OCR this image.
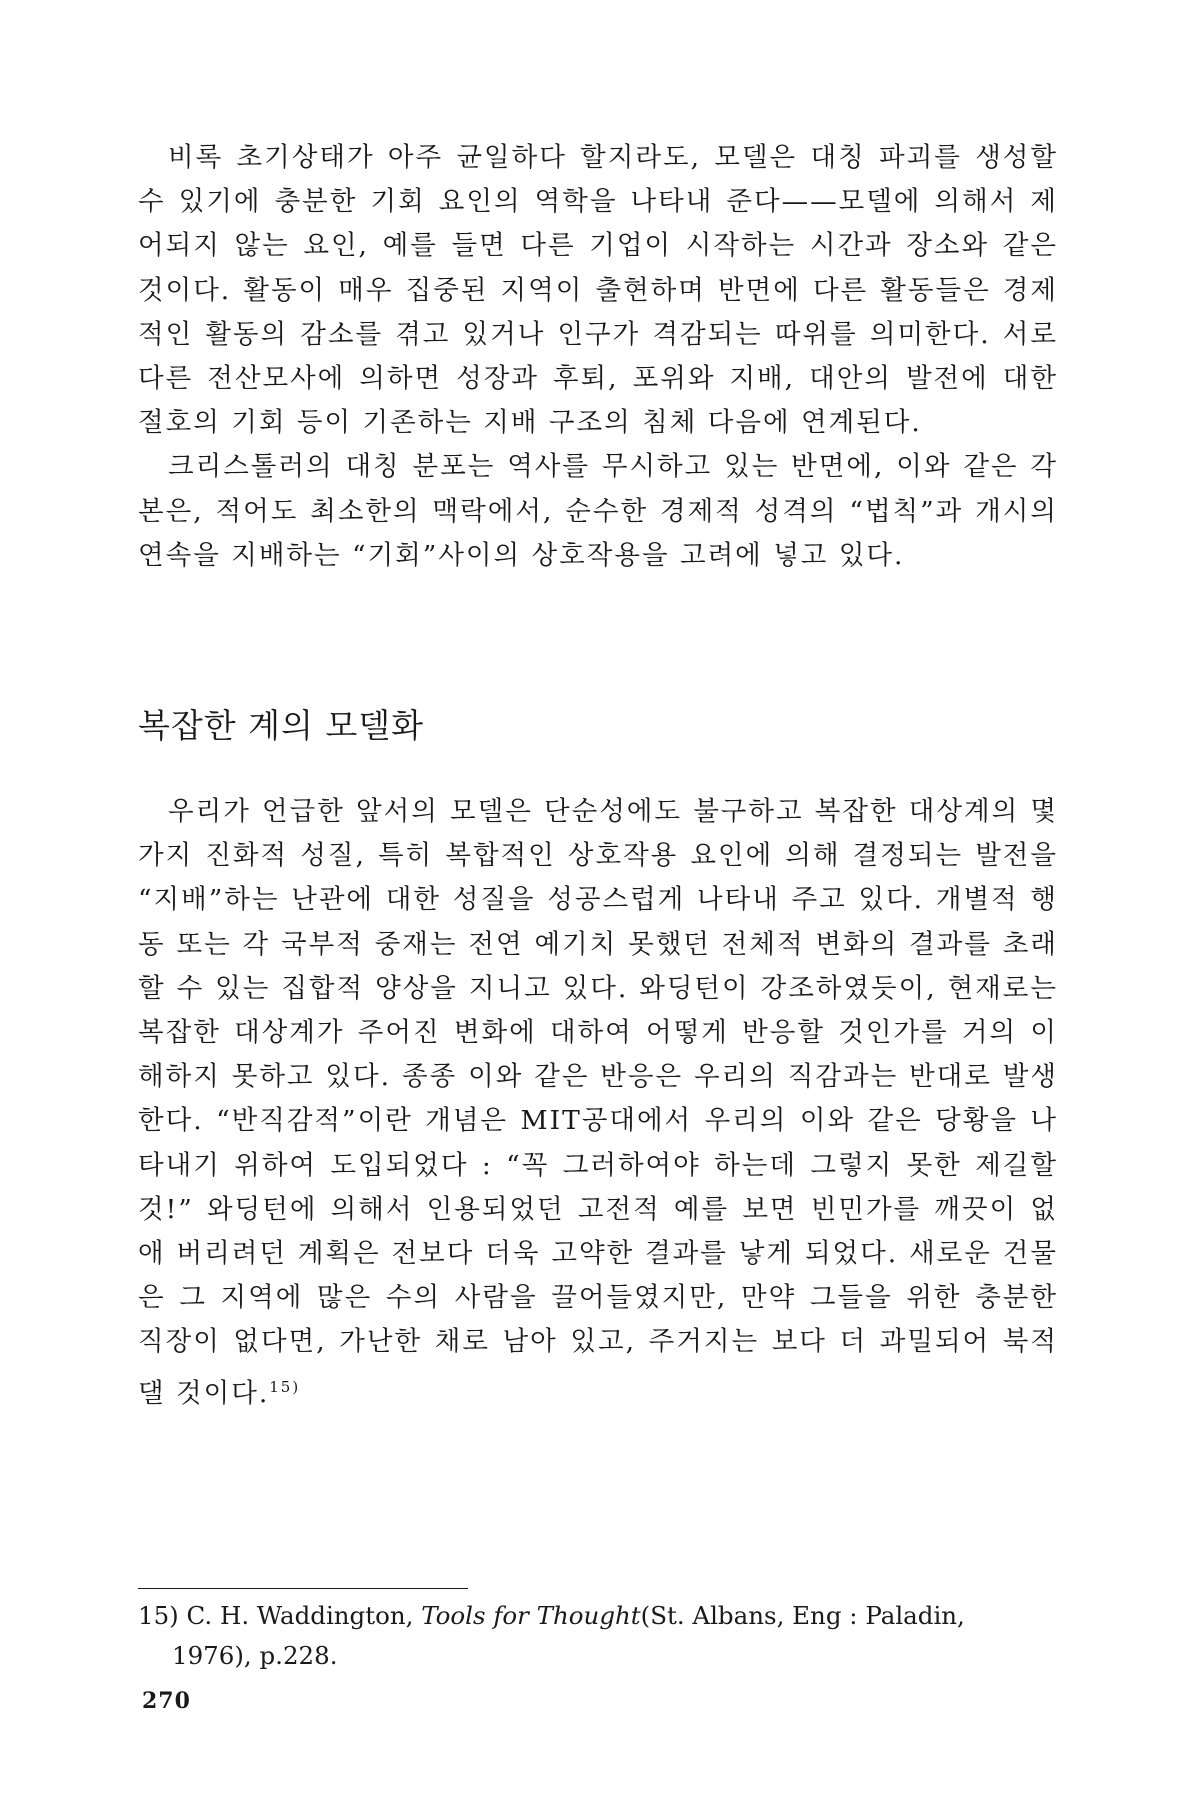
비록 초기상태가 아주 균일하다 할지라도, 모델은 대칭 파괴를 생성할 수 있기에 충분한 기회 요인의 역학을 나타내 준다——모델에 의해서 제어되지 않는 요인, 예를 들면 다른 기업이 시작하는 시간과 장소와 같은 것이다. 활동이 매우 집중된 지역이 출현하며 반면에 다른 활동들은 경제적인 활동의 감소를 겪고 있거나 인구가 격감되는 따위를 의미한다. 서로 다른 전산모사에 의하면 성장과 후퇴, 포위와 지배, 대안의 발전에 대한 절호의 기회 등이 기존하는 지배 구조의 침체 다음에 연계된다.

크리스톨러의 대칭 분포는 역사를 무시하고 있는 반면에, 이와 같은 각본은, 적어도 최소한의 맥락에서, 순수한 경제적 성격의 “법칙”과 개시의 연속을 지배하는 “기회”사이의 상호작용을 고려에 넣고 있다.

복잡한 계의 모델화

우리가 언급한 앞서의 모델은 단순성에도 불구하고 복잡한 대상계의 몇 가지 진화적 성질, 특히 복합적인 상호작용 요인에 의해 결정되는 발전을 “지배”하는 난관에 대한 성질을 성공스럽게 나타내 주고 있다. 개별적 행동 또는 각 국부적 중재는 전연 예기치 못했던 전체적 변화의 결과를 초래할 수 있는 집합적 양상을 지니고 있다. 와딩턴이 강조하였듯이, 현재로는 복잡한 대상계가 주어진 변화에 대하여 어떻게 반응할 것인가를 거의 이해하지 못하고 있다. 종종 이와 같은 반응은 우리의 직감과는 반대로 발생한다. “반직감적”이란 개념은 MIT공대에서 우리의 이와 같은 당황을 나타내기 위하여 도입되었다 : “꼭 그러하여야 하는데 그렇지 못한 제길할 것!” 와딩턴에 의해서 인용되었던 고전적 예를 보면 빈민가를 깨끗이 없애 버리려던 계획은 전보다 더욱 고약한 결과를 낳게 되었다. 새로운 건물은 그 지역에 많은 수의 사람을 끌어들였지만, 만약 그들을 위한 충분한 직장이 없다면, 가난한 채로 남아 있고, 주거지는 보다 더 과밀되어 북적댈 것이다.$^{15)}$

15) C. H. Waddington, Tools for Thought(St. Albans, Eng : Paladin,
1976), p.228.
270
